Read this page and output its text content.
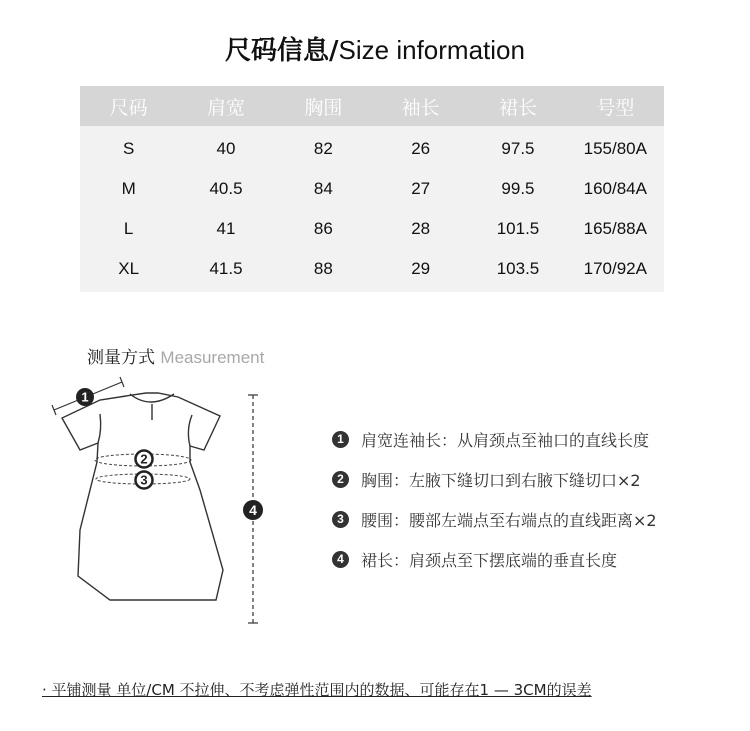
尺码信息/Size information
尺码	肩宽	胸围	袖长	裙长	号型
S	40	82	26	97.5	155/80A
M	40.5	84	27	99.5	160/84A
L	41	86	28	101.5	165/88A
XL	41.5	88	29	103.5	170/92A
测量方式 Measurement
1
2
3
4
1	肩宽连袖长：从肩颈点至袖口的直线长度
2	胸围：左腋下缝切口到右腋下缝切口×2
3	腰围：腰部左端点至右端点的直线距离×2
4	裙长：肩颈点至下摆底端的垂直长度
· 平铺测量 单位/CM 不拉伸、不考虑弹性范围内的数据、可能存在1 — 3CM的误差
